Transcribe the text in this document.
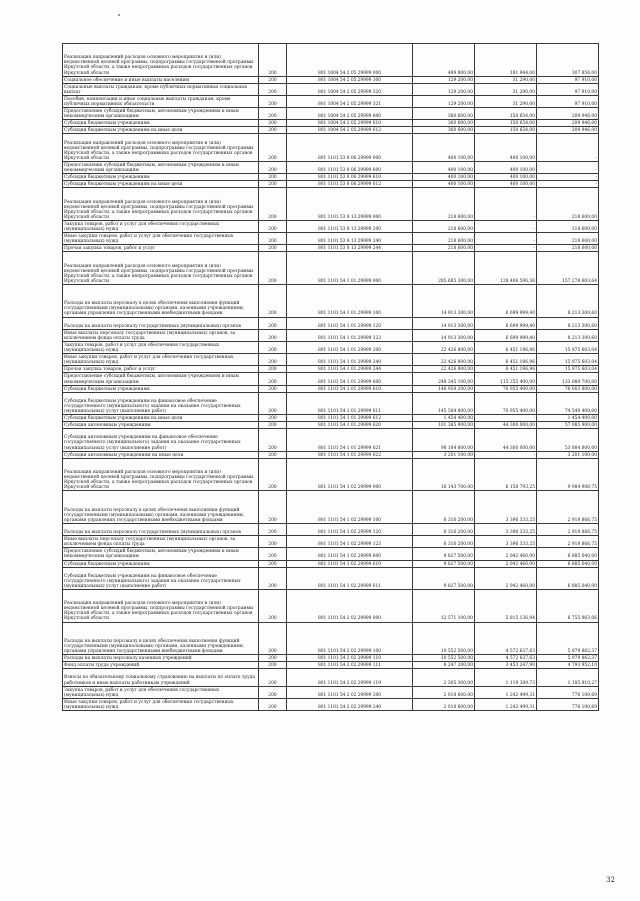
Реализация направлений расходов основного мероприятия и (или) ведомственной целевой программы, подпрограммы государственной программы Иркутской области, а также непрограммных расходов государственных органов Иркутской области	200	801 1004 54 2 05 29999 000	489 800,00	181 944,00	307 856,00
Социальное обеспечение и иные выплаты населению	200	801 1004 54 2 05 29999 300	129 200,00	31 290,00	97 910,00
Социальные выплаты гражданам, кроме публичных нормативных социальных выплат	200	801 1004 54 2 05 29999 320	129 200,00	31 290,00	97 910,00
Пособия, компенсации и иные социальные выплаты гражданам, кроме публичных нормативных обязательств	200	801 1004 54 2 05 29999 321	129 200,00	31 290,00	97 910,00
Предоставление субсидий бюджетным, автономным учреждениям и иным некоммерческим организациям	200	801 1004 54 2 05 29999 600	360 600,00	150 654,00	209 946,00
Субсидии бюджетным учреждениям	200	801 1004 54 2 05 29999 610	360 600,00	150 654,00	209 946,00
Субсидии бюджетным учреждениям на иные цели	200	801 1004 54 2 05 29999 612	360 600,00	150 654,00	209 946,00
Реализация направлений расходов основного мероприятия и (или) ведомственной целевой программы, подпрограммы государственной программы Иркутской области, а также непрограммных расходов государственных органов Иркутской области	200	801 1101 53 8 06 29999 000	400 100,00	400 100,00	-
Предоставление субсидий бюджетным, автономным учреждениям и иным некоммерческим организациям	200	801 1101 53 8 06 29999 600	400 100,00	400 100,00	-
Субсидии бюджетным учреждениям	200	801 1101 53 8 06 29999 610	400 100,00	400 100,00	-
Субсидии бюджетным учреждениям на иные цели	200	801 1101 53 8 06 29999 612	400 100,00	400 100,00	-
Реализация направлений расходов основного мероприятия и (или) ведомственной целевой программы, подпрограммы государственной программы Иркутской области, а также непрограммных расходов государственных органов Иркутской области	200	801 1101 53 8 13 29999 000	218 600,00	-	218 600,00
Закупка товаров, работ и услуг для обеспечения государственных (муниципальных) нужд	200	801 1101 53 8 13 29999 200	218 600,00	-	218 600,00
Иные закупки товаров, работ и услуг для обеспечения государственных (муниципальных) нужд	200	801 1101 53 8 13 29999 240	218 600,00	-	218 600,00
Прочая закупка товаров, работ и услуг	200	801 1101 53 8 13 29999 244	218 600,00	-	218 600,00
Реализация направлений расходов основного мероприятия и (или) ведомственной целевой программы, подпрограммы государственной программы Иркутской области, а также непрограммных расходов государственных органов Иркутской области	200	801 1101 54 1 01 29999 000	285 685 300,00	128 406 596,36	157 278 603,64
Расходы на выплаты персоналу в целях обеспечения выполнения функций государственными (муниципальными) органами, казенными учреждениями, органами управления государственными внебюджетными фондами	200	801 1101 54 1 01 29999 100	14 913 300,00	6 699 999,40	8 213 300,60
Расходы на выплаты персоналу государственных (муниципальных) органов	200	801 1101 54 1 01 29999 120	14 913 300,00	6 699 999,40	8 213 300,60
Иные выплаты персоналу государственных (муниципальных) органов, за исключением фонда оплаты труда	200	801 1101 54 1 01 29999 123	14 913 300,00	6 699 999,40	8 213 300,60
Закупка товаров, работ и услуг для обеспечения государственных (муниципальных) нужд	200	801 1101 54 1 01 29999 200	22 426 800,00	6 451 196,96	15 975 603,04
Иные закупки товаров, работ и услуг для обеспечения государственных (муниципальных) нужд	200	801 1101 54 1 01 29999 240	22 426 800,00	6 451 196,96	15 975 603,04
Прочая закупка товаров, работ и услуг	200	801 1101 54 1 01 29999 244	22 426 800,00	6 451 196,96	15 975 603,04
Предоставление субсидий бюджетным, автономным учреждениям и иным некоммерческим организациям	200	801 1101 54 1 01 29999 600	248 345 100,00	115 255 400,00	133 089 700,00
Субсидии бюджетным учреждениям	200	801 1101 54 1 01 29999 610	146 959 200,00	70 955 400,00	76 003 800,00
Субсидии бюджетным учреждениям на финансовое обеспечение государственного (муниципального) задания на оказание государственных (муниципальных) услуг (выполнение работ)	200	801 1101 54 1 01 29999 611	145 504 800,00	70 955 400,00	74 549 400,00
Субсидии бюджетным учреждениям на иные цели	200	801 1101 54 1 01 29999 612	1 454 400,00	-	1 454 400,00
Субсидии автономным учреждениям	200	801 1101 54 1 01 29999 620	101 385 900,00	44 300 000,00	57 085 900,00
Субсидии автономным учреждениям на финансовое обеспечение государственного (муниципального) задания на оказание государственных (муниципальных) услуг (выполнение работ)	200	801 1101 54 1 01 29999 621	98 184 800,00	44 300 000,00	53 884 800,00
Субсидии автономным учреждениям на иные цели	200	801 1101 54 1 01 29999 622	3 201 100,00	-	3 201 100,00
Реализация направлений расходов основного мероприятия и (или) ведомственной целевой программы, подпрограммы государственной программы Иркутской области, а также непрограммных расходов государственных органов Иркутской области	200	801 1101 54 1 02 29999 000	16 143 700,00	6 158 793,25	9 984 906,75
Расходы на выплаты персоналу в целях обеспечения выполнения функций государственными (муниципальными) органами, казенными учреждениями, органами управления государственными внебюджетными фондами	200	801 1101 54 1 02 29999 100	6 316 200,00	3 396 333,25	2 919 866,75
Расходы на выплаты персоналу государственных (муниципальных) органов	200	801 1101 54 1 02 29999 120	6 316 200,00	3 396 333,25	2 919 866,75
Иные выплаты персоналу государственных (муниципальных) органов, за исключением фонда оплаты труда	200	801 1101 54 1 02 29999 123	6 316 200,00	3 396 333,25	2 919 866,75
Предоставление субсидий бюджетным, автономным учреждениям и иным некоммерческим организациям	200	801 1101 54 1 02 29999 600	9 827 500,00	2 942 460,00	6 885 040,00
Субсидии бюджетным учреждениям	200	801 1101 54 1 02 29999 610	9 827 500,00	2 942 460,00	6 885 040,00
Субсидии бюджетным учреждениям на финансовое обеспечение государственного (муниципального) задания на оказание государственных (муниципальных) услуг (выполнение работ)	200	801 1101 54 1 02 29999 611	9 827 500,00	2 942 460,00	6 885 040,00
Реализация направлений расходов основного мероприятия и (или) ведомственной целевой программы, подпрограммы государственной программы Иркутской области, а также непрограммных расходов государственных органов Иркутской области	200	801 1101 54 2 02 29999 000	12 571 100,00	5 815 136,94	6 755 963,06
Расходы на выплаты персоналу в целях обеспечения выполнения функций государственными (муниципальными) органами, казенными учреждениями, органами управления государственными внебюджетными фондами	200	801 1101 54 2 02 29999 100	10 552 500,00	4 572 637,63	5 979 862,37
Расходы на выплаты персоналу казенных учреждений	200	801 1101 54 2 02 29999 110	10 552 500,00	4 572 637,63	5 979 862,37
Фонд оплаты труда учреждений	200	801 1101 54 2 02 29999 111	8 247 200,00	3 453 247,90	4 793 952,10
Взносы по обязательному социальному страхованию на выплаты по оплате труда работников и иные выплаты работникам учреждений	200	801 1101 54 2 02 29999 119	2 305 300,00	1 119 389,73	1 185 910,27
Закупка товаров, работ и услуг для обеспечения государственных (муниципальных) нужд	200	801 1101 54 2 02 29999 200	2 018 600,00	1 242 499,31	776 100,69
Иные закупки товаров, работ и услуг для обеспечения государственных (муниципальных) нужд	200	801 1101 54 2 02 29999 240	2 018 600,00	1 242 499,31	776 100,69
32
